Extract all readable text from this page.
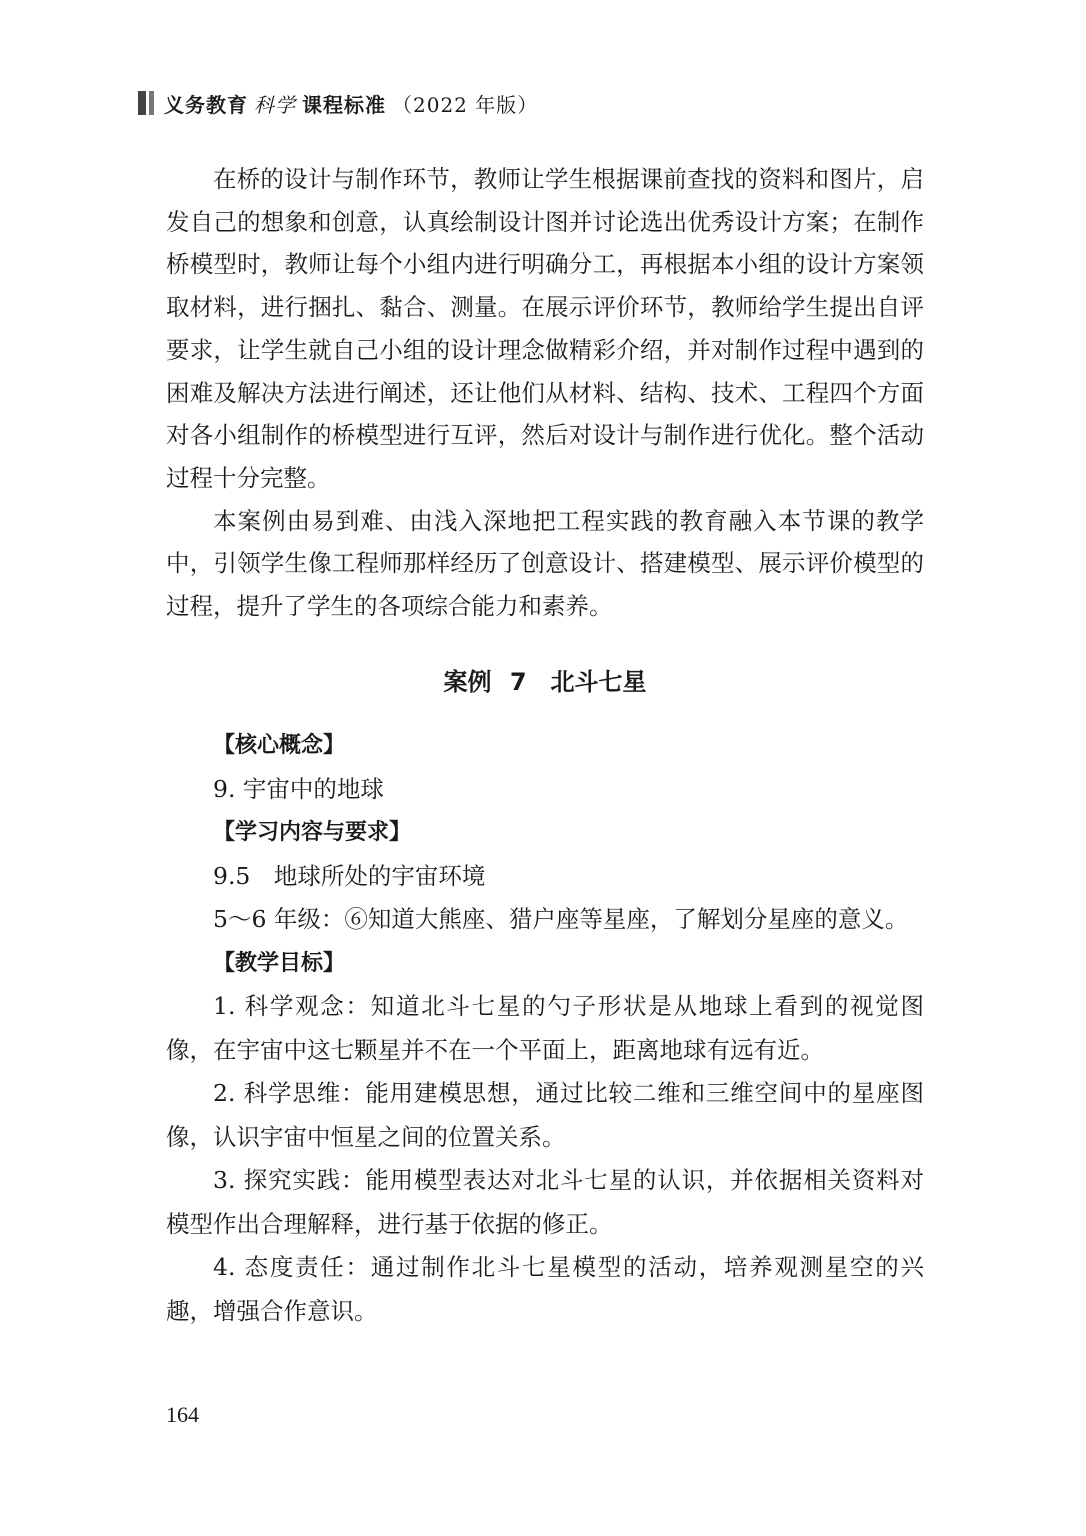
义务教育 科学 课程标准 （2022 年版）

在桥的设计与制作环节，教师让学生根据课前查找的资料和图片，启发自己的想象和创意，认真绘制设计图并讨论选出优秀设计方案；在制作桥模型时，教师让每个小组内进行明确分工，再根据本小组的设计方案领取材料，进行捆扎、黏合、测量。在展示评价环节，教师给学生提出自评要求，让学生就自己小组的设计理念做精彩介绍，并对制作过程中遇到的困难及解决方法进行阐述，还让他们从材料、结构、技术、工程四个方面对各小组制作的桥模型进行互评，然后对设计与制作进行优化。整个活动过程十分完整。

本案例由易到难、由浅入深地把工程实践的教育融入本节课的教学中，引领学生像工程师那样经历了创意设计、搭建模型、展示评价模型的过程，提升了学生的各项综合能力和素养。

案例 7　北斗七星

【核心概念】

9. 宇宙中的地球

【学习内容与要求】

9.5　地球所处的宇宙环境

5～6 年级：⑥知道大熊座、猎户座等星座，了解划分星座的意义。

【教学目标】

1. 科学观念：知道北斗七星的勺子形状是从地球上看到的视觉图像，在宇宙中这七颗星并不在一个平面上，距离地球有远有近。

2. 科学思维：能用建模思想，通过比较二维和三维空间中的星座图像，认识宇宙中恒星之间的位置关系。

3. 探究实践：能用模型表达对北斗七星的认识，并依据相关资料对模型作出合理解释，进行基于依据的修正。

4. 态度责任：通过制作北斗七星模型的活动，培养观测星空的兴趣，增强合作意识。

164
